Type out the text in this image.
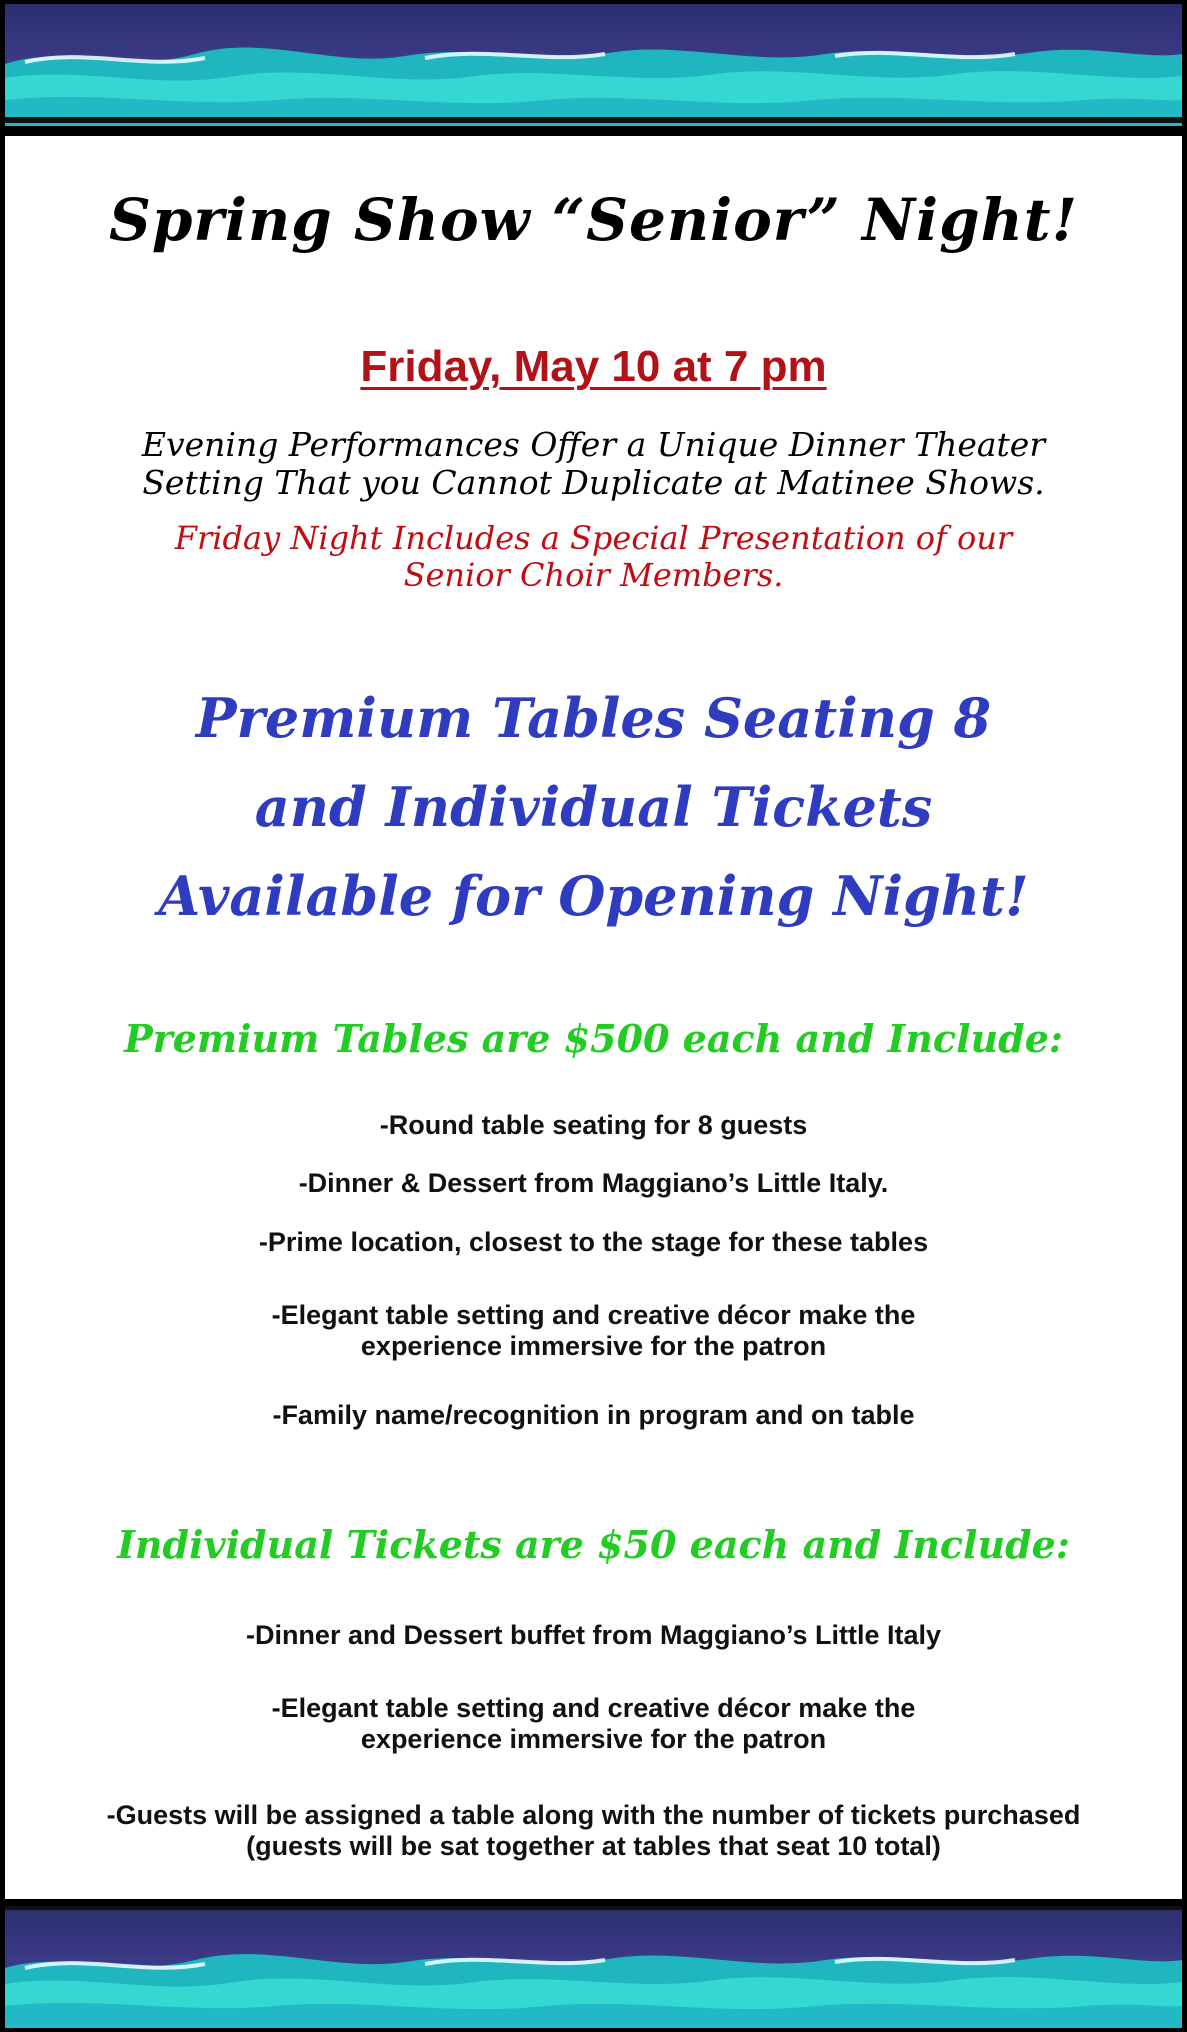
Spring Show “Senior” Night!
Friday, May 10 at 7 pm
Evening Performances Offer a Unique Dinner Theater
Setting That you Cannot Duplicate at Matinee Shows.
Friday Night Includes a Special Presentation of our
Senior Choir Members.
Premium Tables Seating 8
and Individual Tickets
Available for Opening Night!
Premium Tables are $500 each and Include:
-Round table seating for 8 guests
-Dinner & Dessert from Maggiano’s Little Italy.
-Prime location, closest to the stage for these tables
-Elegant table setting and creative décor make the
experience immersive for the patron
-Family name/recognition in program and on table
Individual Tickets are $50 each and Include:
-Dinner and Dessert buffet from Maggiano’s Little Italy
-Elegant table setting and creative décor make the
experience immersive for the patron
-Guests will be assigned a table along with the number of tickets purchased
(guests will be sat together at tables that seat 10 total)
